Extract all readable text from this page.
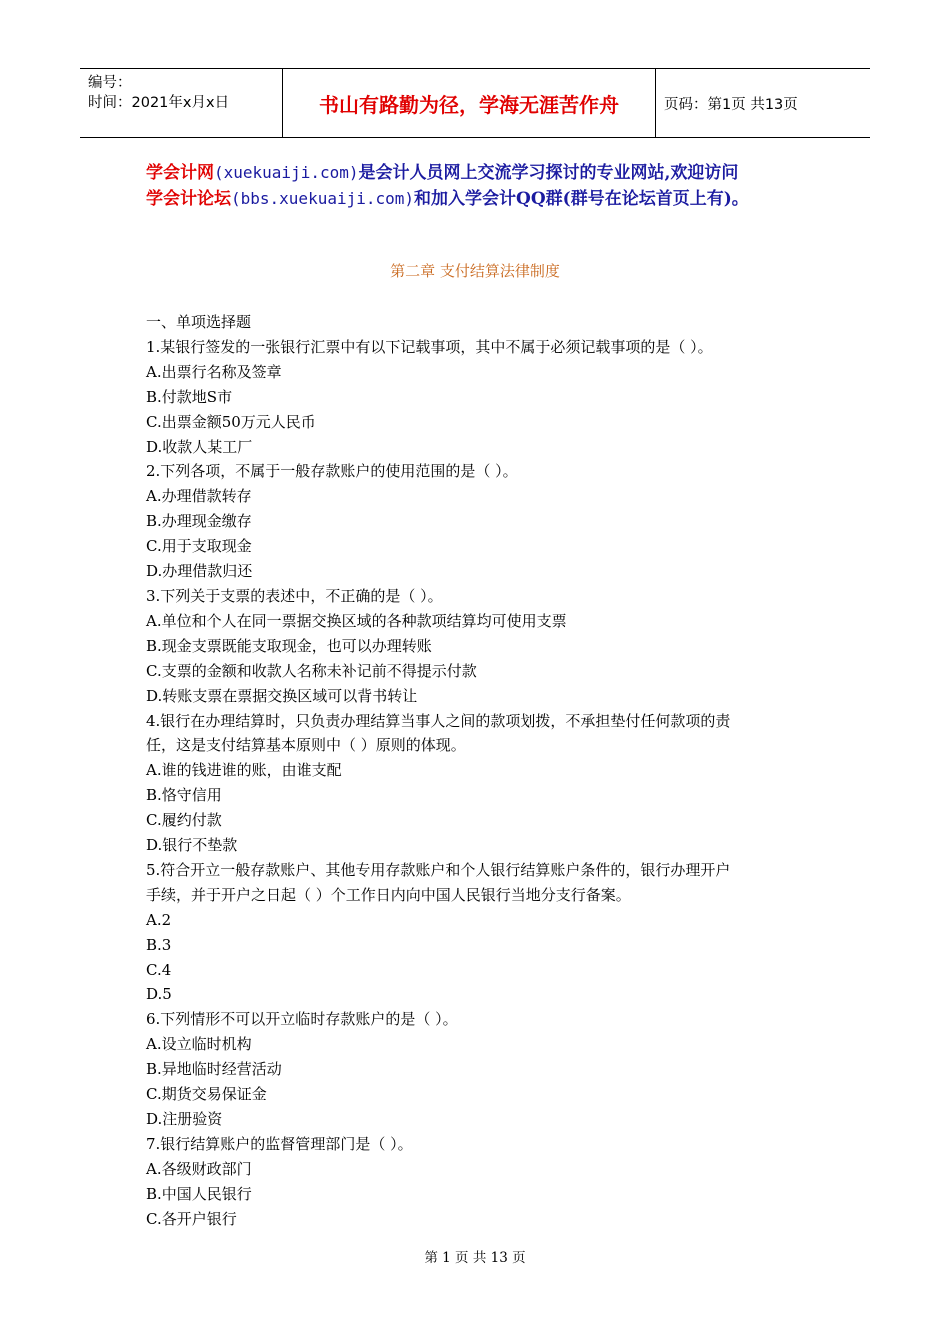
编号：
时间：2021年x月x日	书山有路勤为径，学海无涯苦作舟	页码：第1页 共13页
学会计网(xuekuaiji.com)是会计人员网上交流学习探讨的专业网站,欢迎访问
学会计论坛(bbs.xuekuaiji.com)和加入学会计QQ群(群号在论坛首页上有)。
第二章 支付结算法律制度

一、单项选择题

1.某银行签发的一张银行汇票中有以下记载事项，其中不属于必须记载事项的是（ ）。

A.出票行名称及签章

B.付款地S市

C.出票金额50万元人民币

D.收款人某工厂

2.下列各项，不属于一般存款账户的使用范围的是（ ）。

A.办理借款转存

B.办理现金缴存

C.用于支取现金

D.办理借款归还

3.下列关于支票的表述中，不正确的是（ ）。

A.单位和个人在同一票据交换区域的各种款项结算均可使用支票

B.现金支票既能支取现金，也可以办理转账

C.支票的金额和收款人名称未补记前不得提示付款

D.转账支票在票据交换区域可以背书转让

4.银行在办理结算时，只负责办理结算当事人之间的款项划拨，不承担垫付任何款项的责

任，这是支付结算基本原则中（ ）原则的体现。

A.谁的钱进谁的账，由谁支配

B.恪守信用

C.履约付款

D.银行不垫款

5.符合开立一般存款账户、其他专用存款账户和个人银行结算账户条件的，银行办理开户

手续，并于开户之日起（ ）个工作日内向中国人民银行当地分支行备案。

A.2

B.3

C.4

D.5

6.下列情形不可以开立临时存款账户的是（ ）。

A.设立临时机构

B.异地临时经营活动

C.期货交易保证金

D.注册验资

7.银行结算账户的监督管理部门是（ ）。

A.各级财政部门

B.中国人民银行

C.各开户银行

第 1 页 共 13 页
